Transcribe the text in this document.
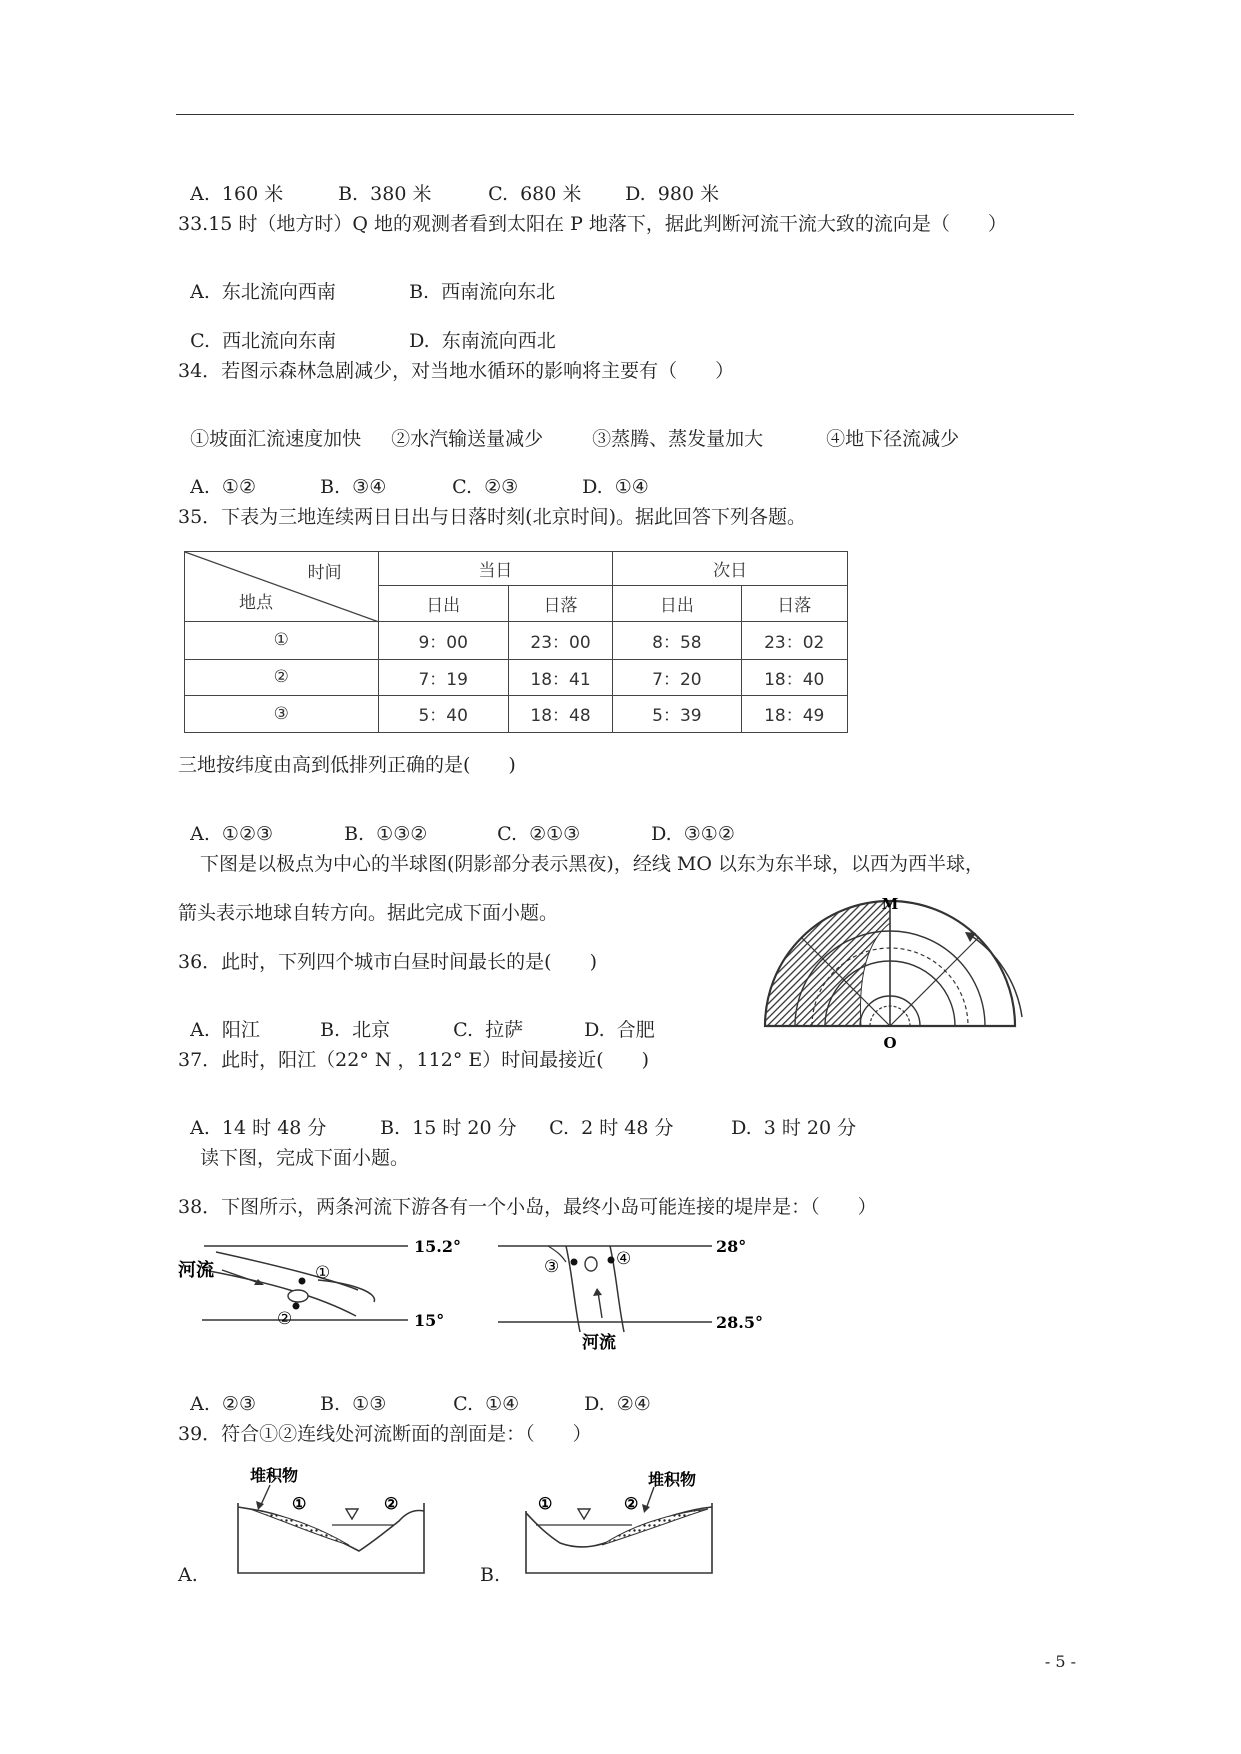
A.  160 米	B.  380 米	C.  680 米 D.  980 米

33.15 时（地方时）Q 地的观测者看到太阳在 P 地落下，据此判断河流干流大致的流向是（　　）

A.  东北流向西南	B.  西南流向东北

C.  西北流向东南	D.  东南流向西北

34．若图示森林急剧减少，对当地水循环的影响将主要有（　　）

①坡面汇流速度加快 ②水汽输送量减少	③蒸腾、蒸发量加大	④地下径流减少

A.  ①②	B.  ③④	C.  ②③	D.  ①④

35．下表为三地连续两日日出与日落时刻(北京时间)。据此回答下列各题。
时间
地点	当日		次日	
	日出	日落	日出	日落
①	9：00	23：00	8：58	23：02
②	7：19	18：41	7：20	18：40
③	5：40	18：48	5：39	18：49
三地按纬度由高到低排列正确的是(　　)

A.  ①②③	B.  ①③②	C.  ②①③	D.  ③①②

下图是以极点为中心的半球图(阴影部分表示黑夜)，经线 MO 以东为东半球，以西为西半球，
箭头表示地球自转方向。据此完成下面小题。
36．此时，下列四个城市白昼时间最长的是(　　)

A.  阳江	B.  北京	C.  拉萨	D.  合肥

M
O
37．此时，阳江（22° N ，112° E）时间最接近(　　)

A.  14 时 48 分	B.  15 时 20 分 C.  2 时 48 分	D.  3 时 20 分

读下图，完成下面小题。
38．下图所示，两条河流下游各有一个小岛，最终小岛可能连接的堤岸是：（　　）
河流	①
②
15.2°
15°
③	④
河流
28°
28.5°

A.  ②③	B.  ①③	C.  ①④	D.  ②④

39．符合①②连线处河流断面的剖面是：（　　）
A.
堆积物
①	②
B.
堆积物
①	②
- 5 -
